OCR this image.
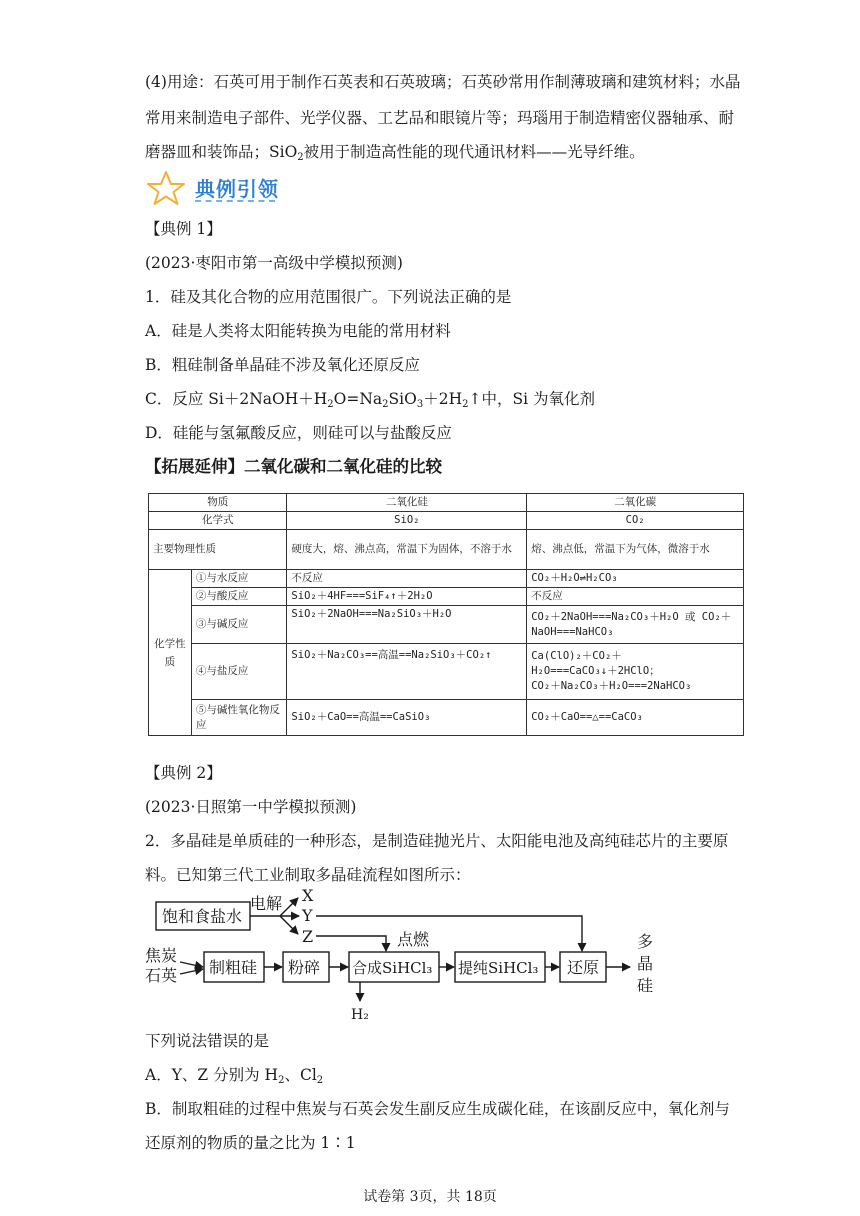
(4)用途：石英可用于制作石英表和石英玻璃；石英砂常用作制薄玻璃和建筑材料；水晶
常用来制造电子部件、光学仪器、工艺品和眼镜片等；玛瑙用于制造精密仪器轴承、耐
磨器皿和装饰品；SiO$_2$被用于制造高性能的现代通讯材料——光导纤维。
典例引领
【典例 1】
(2023·枣阳市第一高级中学模拟预测)
1．硅及其化合物的应用范围很广。下列说法正确的是
A．硅是人类将太阳能转换为电能的常用材料
B．粗硅制备单晶硅不涉及氧化还原反应
C．反应 $Si+2NaOH+H_2O=Na_2SiO_3+2H_2↑$中，Si 为氧化剂
D．硅能与氢氟酸反应，则硅可以与盐酸反应
【拓展延伸】二氧化碳和二氧化硅的比较
物质		二氧化硅	二氧化碳
化学式		SiO₂	CO₂
主要物理性质		硬度大，熔、沸点高，常温下为固体，不溶于水	熔、沸点低，常温下为气体，微溶于水
化学性质	①与水反应	不反应	CO₂＋H₂O⇌H₂CO₃
	②与酸反应	SiO₂＋4HF===SiF₄↑＋2H₂O	不反应
	③与碱反应	SiO₂＋2NaOH===Na₂SiO₃＋H₂O	CO₂＋2NaOH===Na₂CO₃＋H₂O 或 CO₂＋NaOH===NaHCO₃
	④与盐反应	SiO₂＋Na₂CO₃==高温==Na₂SiO₃＋CO₂↑	Ca(ClO)₂＋CO₂＋
H₂O===CaCO₃↓＋2HClO；
CO₂＋Na₂CO₃＋H₂O===2NaHCO₃

	⑤与碱性氧化物反应	SiO₂＋CaO==高温==CaSiO₃	CO₂＋CaO==△==CaCO₃
【典例 2】
(2023·日照第一中学模拟预测)
2．多晶硅是单质硅的一种形态，是制造硅抛光片、太阳能电池及高纯硅芯片的主要原
料。已知第三代工业制取多晶硅流程如图所示：
饱和食盐水
电解 X
Y
Z	点燃
焦炭
石英 制粗硅 粉碎 合成SiHCl₃ 提纯SiHCl₃ 还原
H₂
多 晶 硅
下列说法错误的是
A．Y、Z 分别为 $H_2$、$Cl_2$
B．制取粗硅的过程中焦炭与石英会发生副反应生成碳化硅，在该副反应中，氧化剂与
还原剂的物质的量之比为 1∶1
试卷第 3页，共 18页
